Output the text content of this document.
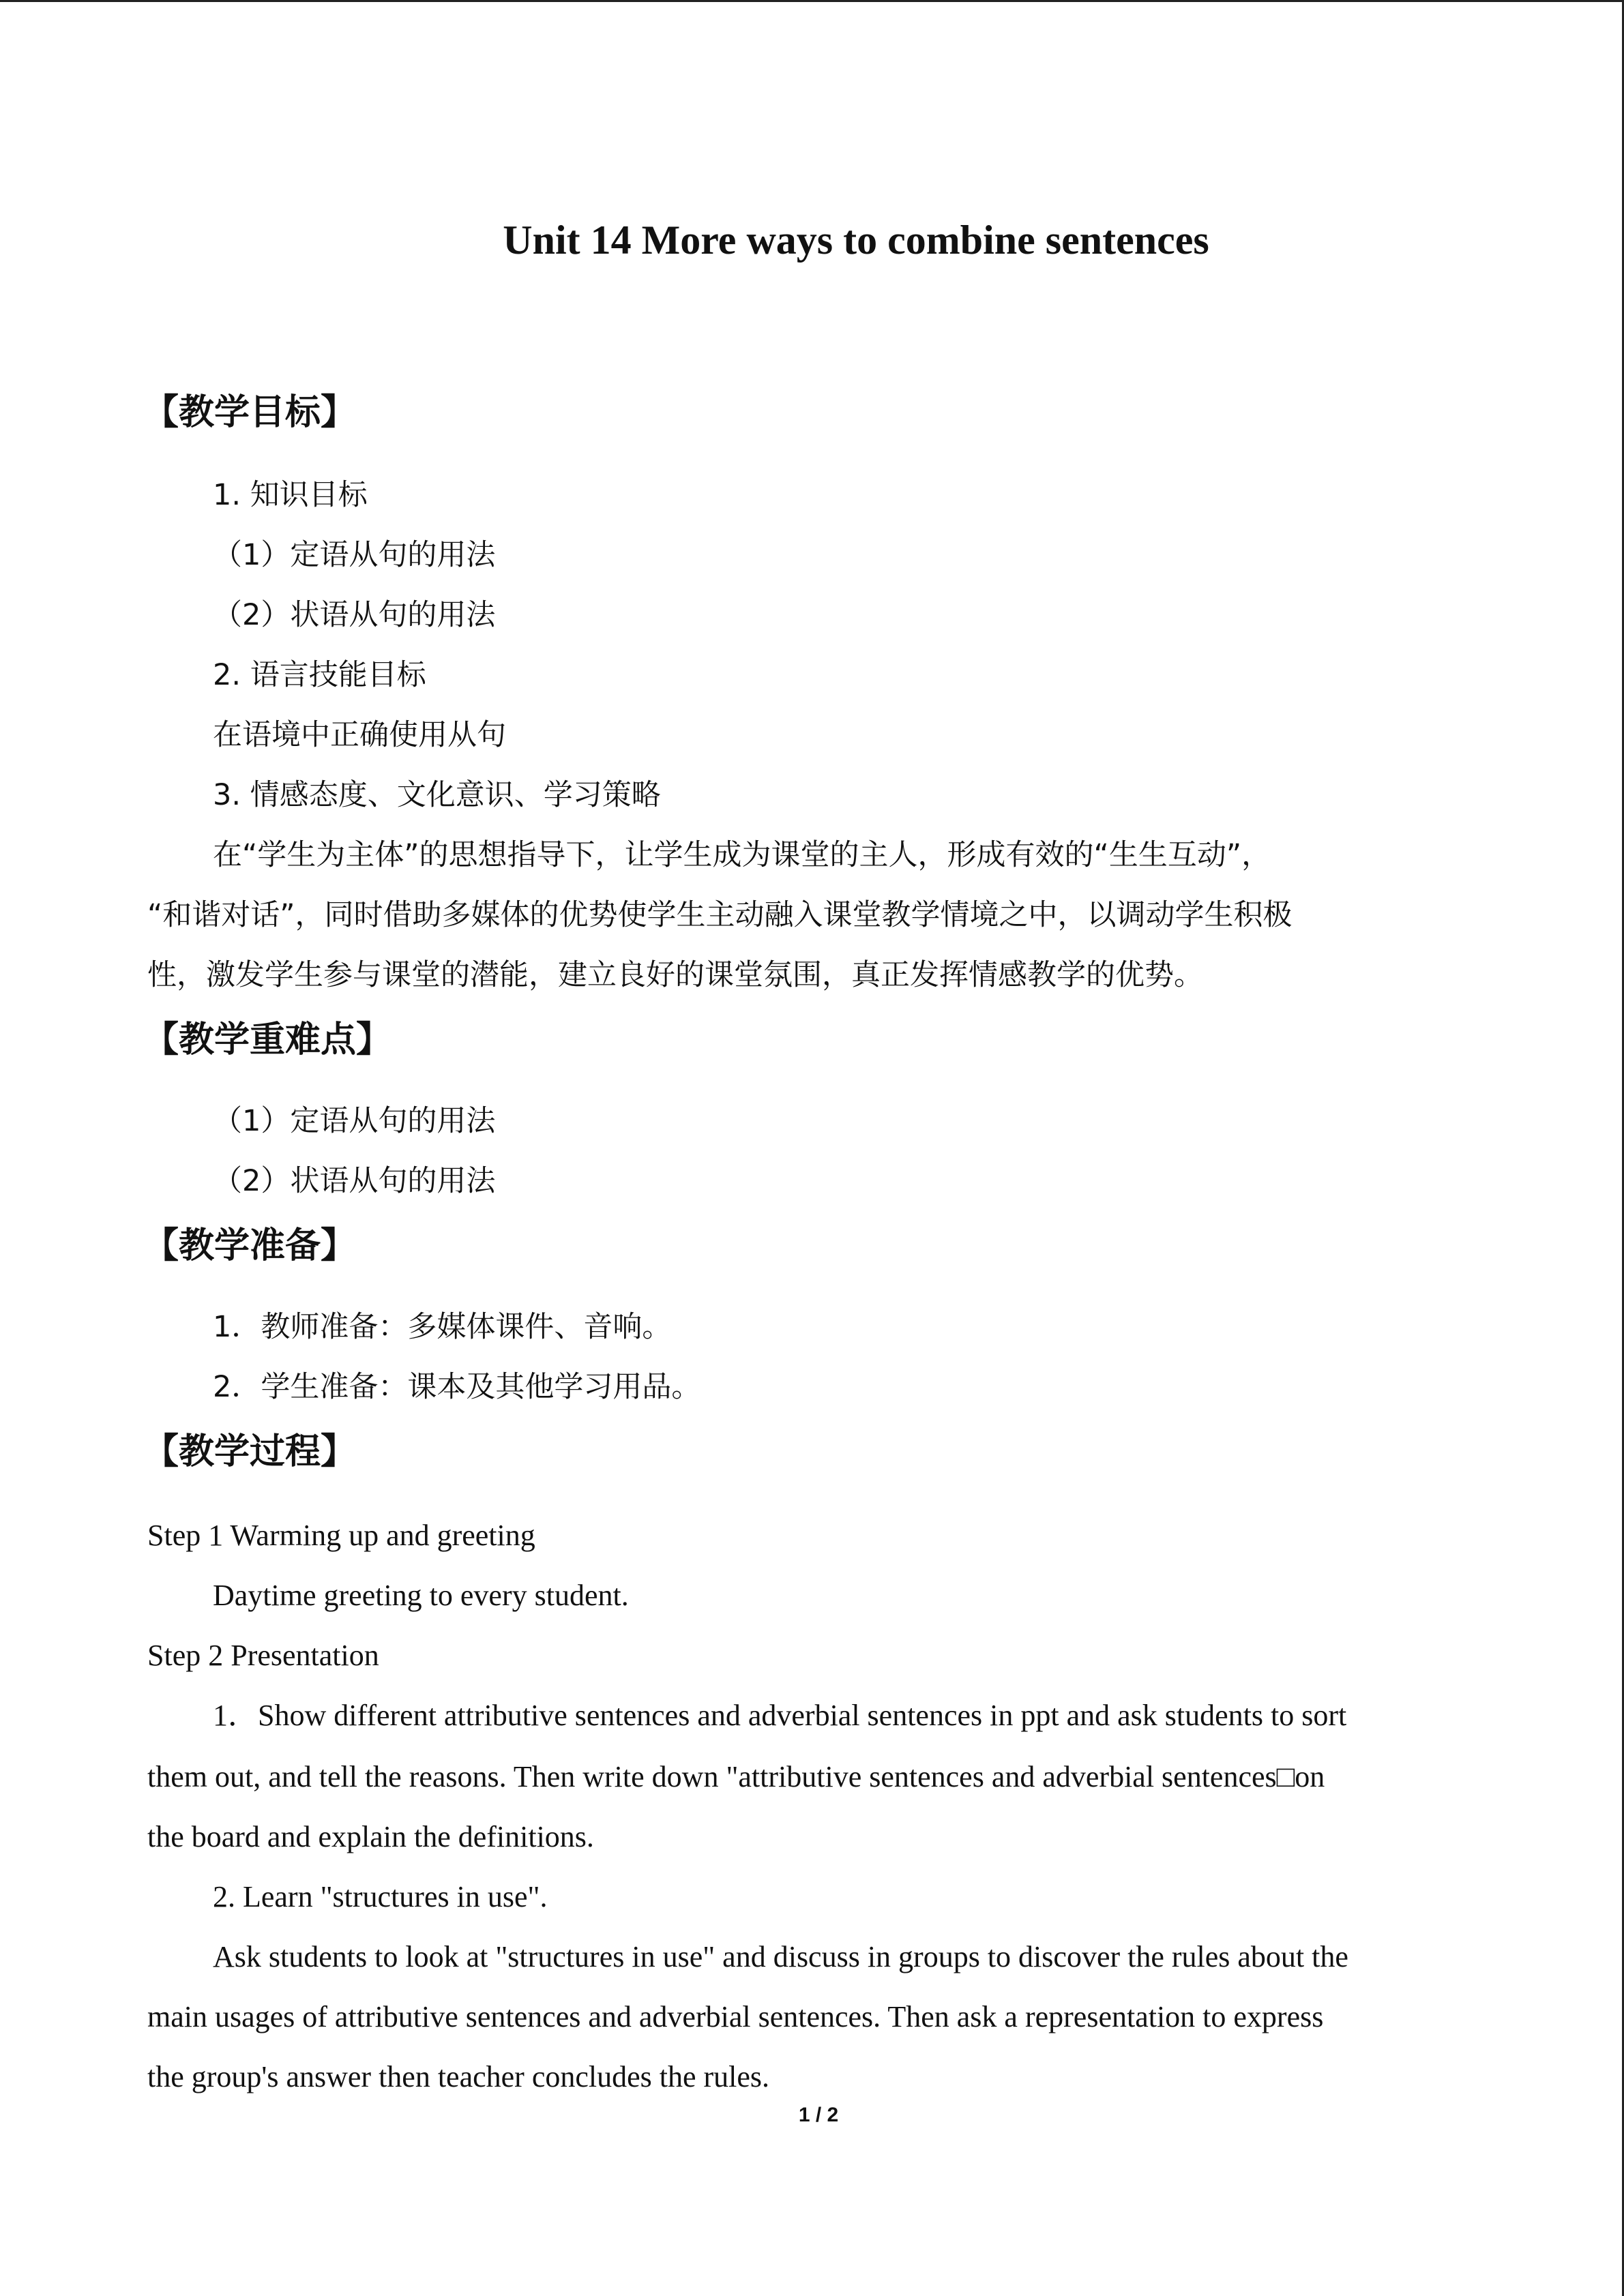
Unit 14 More ways to combine sentences
【教学目标】

1. 知识目标

（1）定语从句的用法

（2）状语从句的用法

2. 语言技能目标

在语境中正确使用从句

3. 情感态度、文化意识、学习策略

在“学生为主体”的思想指导下，让学生成为课堂的主人，形成有效的“生生互动”，

“和谐对话”，同时借助多媒体的优势使学生主动融入课堂教学情境之中，以调动学生积极

性，激发学生参与课堂的潜能，建立良好的课堂氛围，真正发挥情感教学的优势。

【教学重难点】

（1）定语从句的用法

（2）状语从句的用法

【教学准备】

1．教师准备：多媒体课件、音响。

2．学生准备：课本及其他学习用品。

【教学过程】

Step 1 Warming up and greeting

Daytime greeting to every student.

Step 2 Presentation

1．Show different attributive sentences and adverbial sentences in ppt and ask students to sort

them out, and tell the reasons. Then write down "attributive sentences and adverbial sentences□on

the board and explain the definitions.

2. Learn "structures in use".

Ask students to look at "structures in use" and discuss in groups to discover the rules about the

main usages of attributive sentences and adverbial sentences. Then ask a representation to express

the group's answer then teacher concludes the rules.

1 / 2
